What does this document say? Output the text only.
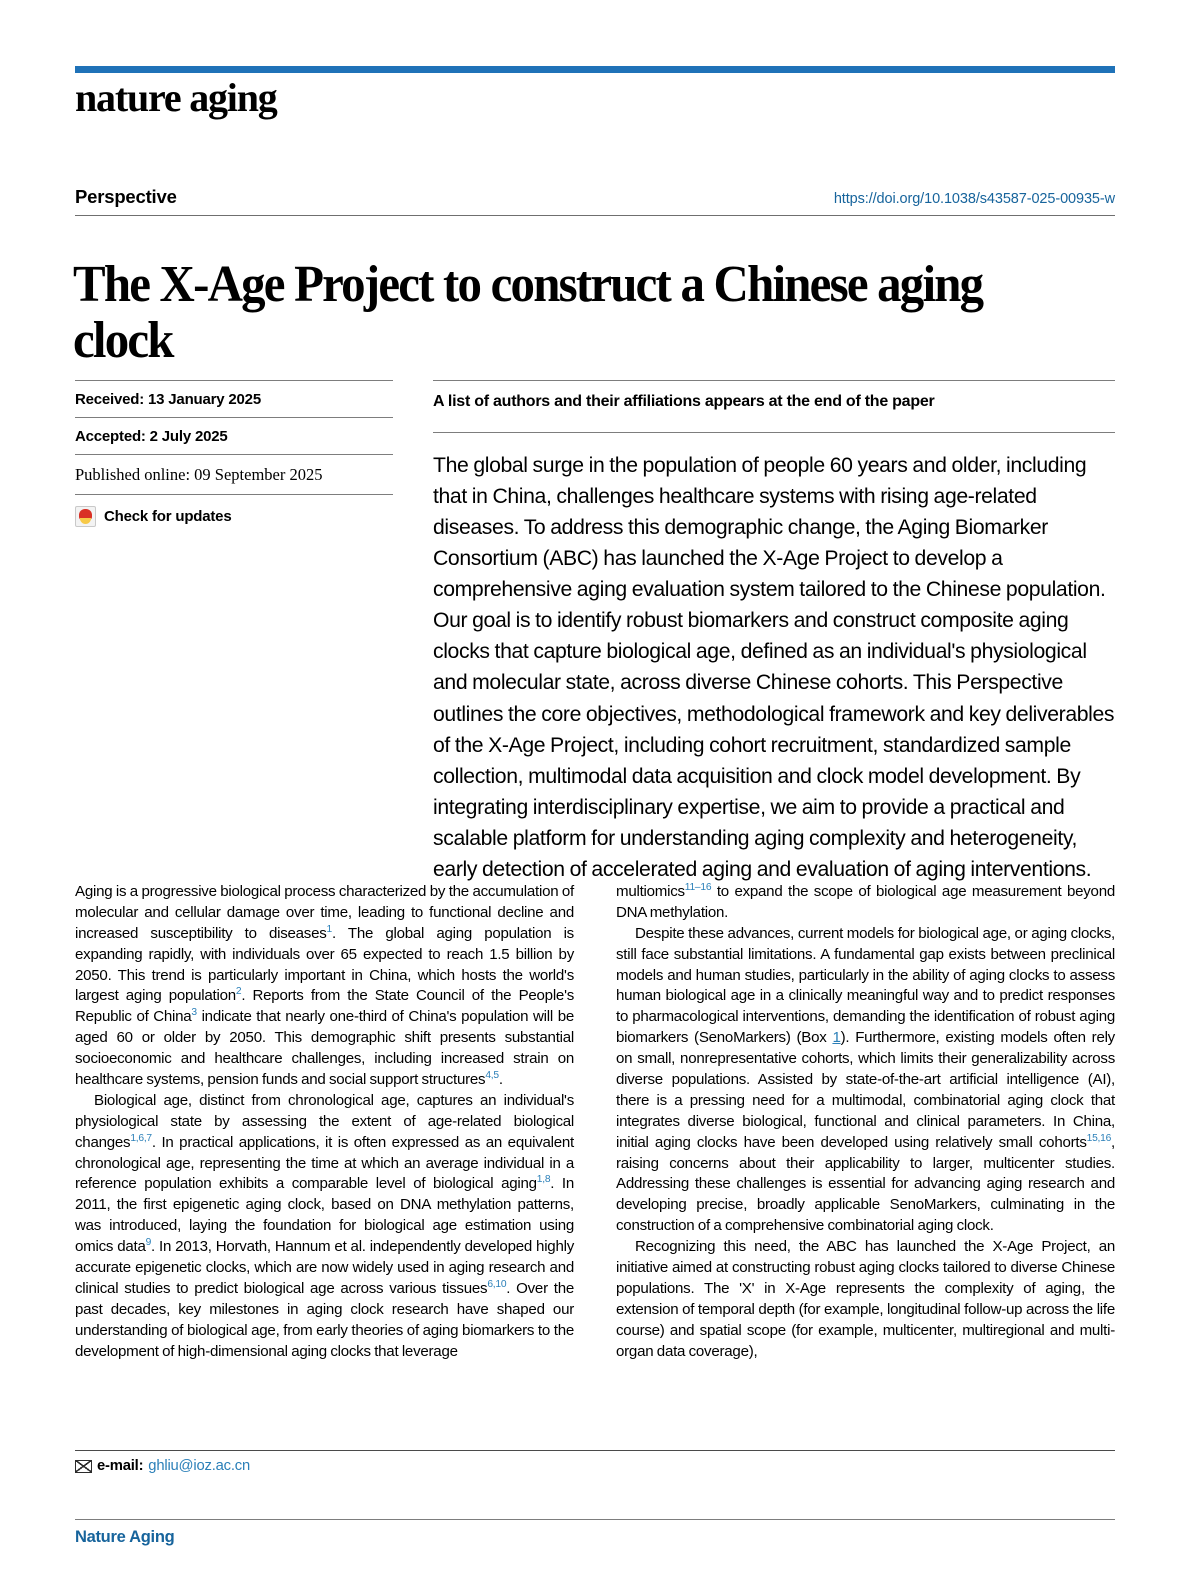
nature aging
Perspective	https://doi.org/10.1038/s43587-025-00935-w
The X-Age Project to construct a Chinese aging clock
Received: 13 January 2025
Accepted: 2 July 2025
Published online: 09 September 2025
Check for updates
A list of authors and their affiliations appears at the end of the paper
The global surge in the population of people 60 years and older, including that in China, challenges healthcare systems with rising age-related diseases. To address this demographic change, the Aging Biomarker Consortium (ABC) has launched the X-Age Project to develop a comprehensive aging evaluation system tailored to the Chinese population. Our goal is to identify robust biomarkers and construct composite aging clocks that capture biological age, defined as an individual's physiological and molecular state, across diverse Chinese cohorts. This Perspective outlines the core objectives, methodological framework and key deliverables of the X-Age Project, including cohort recruitment, standardized sample collection, multimodal data acquisition and clock model development. By integrating interdisciplinary expertise, we aim to provide a practical and scalable platform for understanding aging complexity and heterogeneity, early detection of accelerated aging and evaluation of aging interventions.

Aging is a progressive biological process characterized by the accumulation of molecular and cellular damage over time, leading to functional decline and increased susceptibility to diseases$^1$. The global aging population is expanding rapidly, with individuals over 65 expected to reach 1.5 billion by 2050. This trend is particularly important in China, which hosts the world's largest aging population$^2$. Reports from the State Council of the People's Republic of China$^3$ indicate that nearly one-third of China's population will be aged 60 or older by 2050. This demographic shift presents substantial socioeconomic and healthcare challenges, including increased strain on healthcare systems, pension funds and social support structures$^{4,5}$.

Biological age, distinct from chronological age, captures an individual's physiological state by assessing the extent of age-related biological changes$^{1,6,7}$. In practical applications, it is often expressed as an equivalent chronological age, representing the time at which an average individual in a reference population exhibits a comparable level of biological aging$^{1,8}$. In 2011, the first epigenetic aging clock, based on DNA methylation patterns, was introduced, laying the foundation for biological age estimation using omics data$^9$. In 2013, Horvath, Hannum et al. independently developed highly accurate epigenetic clocks, which are now widely used in aging research and clinical studies to predict biological age across various tissues$^{6,10}$. Over the past decades, key milestones in aging clock research have shaped our understanding of biological age, from early theories of aging biomarkers to the development of high-dimensional aging clocks that leverage

multiomics$^{11-16}$ to expand the scope of biological age measurement beyond DNA methylation.

Despite these advances, current models for biological age, or aging clocks, still face substantial limitations. A fundamental gap exists between preclinical models and human studies, particularly in the ability of aging clocks to assess human biological age in a clinically meaningful way and to predict responses to pharmacological interventions, demanding the identification of robust aging biomarkers (SenoMarkers) (Box 1). Furthermore, existing models often rely on small, nonrepresentative cohorts, which limits their generalizability across diverse populations. Assisted by state-of-the-art artificial intelligence (AI), there is a pressing need for a multimodal, combinatorial aging clock that integrates diverse biological, functional and clinical parameters. In China, initial aging clocks have been developed using relatively small cohorts$^{15,16}$, raising concerns about their applicability to larger, multicenter studies. Addressing these challenges is essential for advancing aging research and developing precise, broadly applicable SenoMarkers, culminating in the construction of a comprehensive combinatorial aging clock.

Recognizing this need, the ABC has launched the X-Age Project, an initiative aimed at constructing robust aging clocks tailored to diverse Chinese populations. The 'X' in X-Age represents the complexity of aging, the extension of temporal depth (for example, longitudinal follow-up across the life course) and spatial scope (for example, multicenter, multiregional and multi-organ data coverage),

e-mail: ghliu@ioz.ac.cn
Nature Aging
